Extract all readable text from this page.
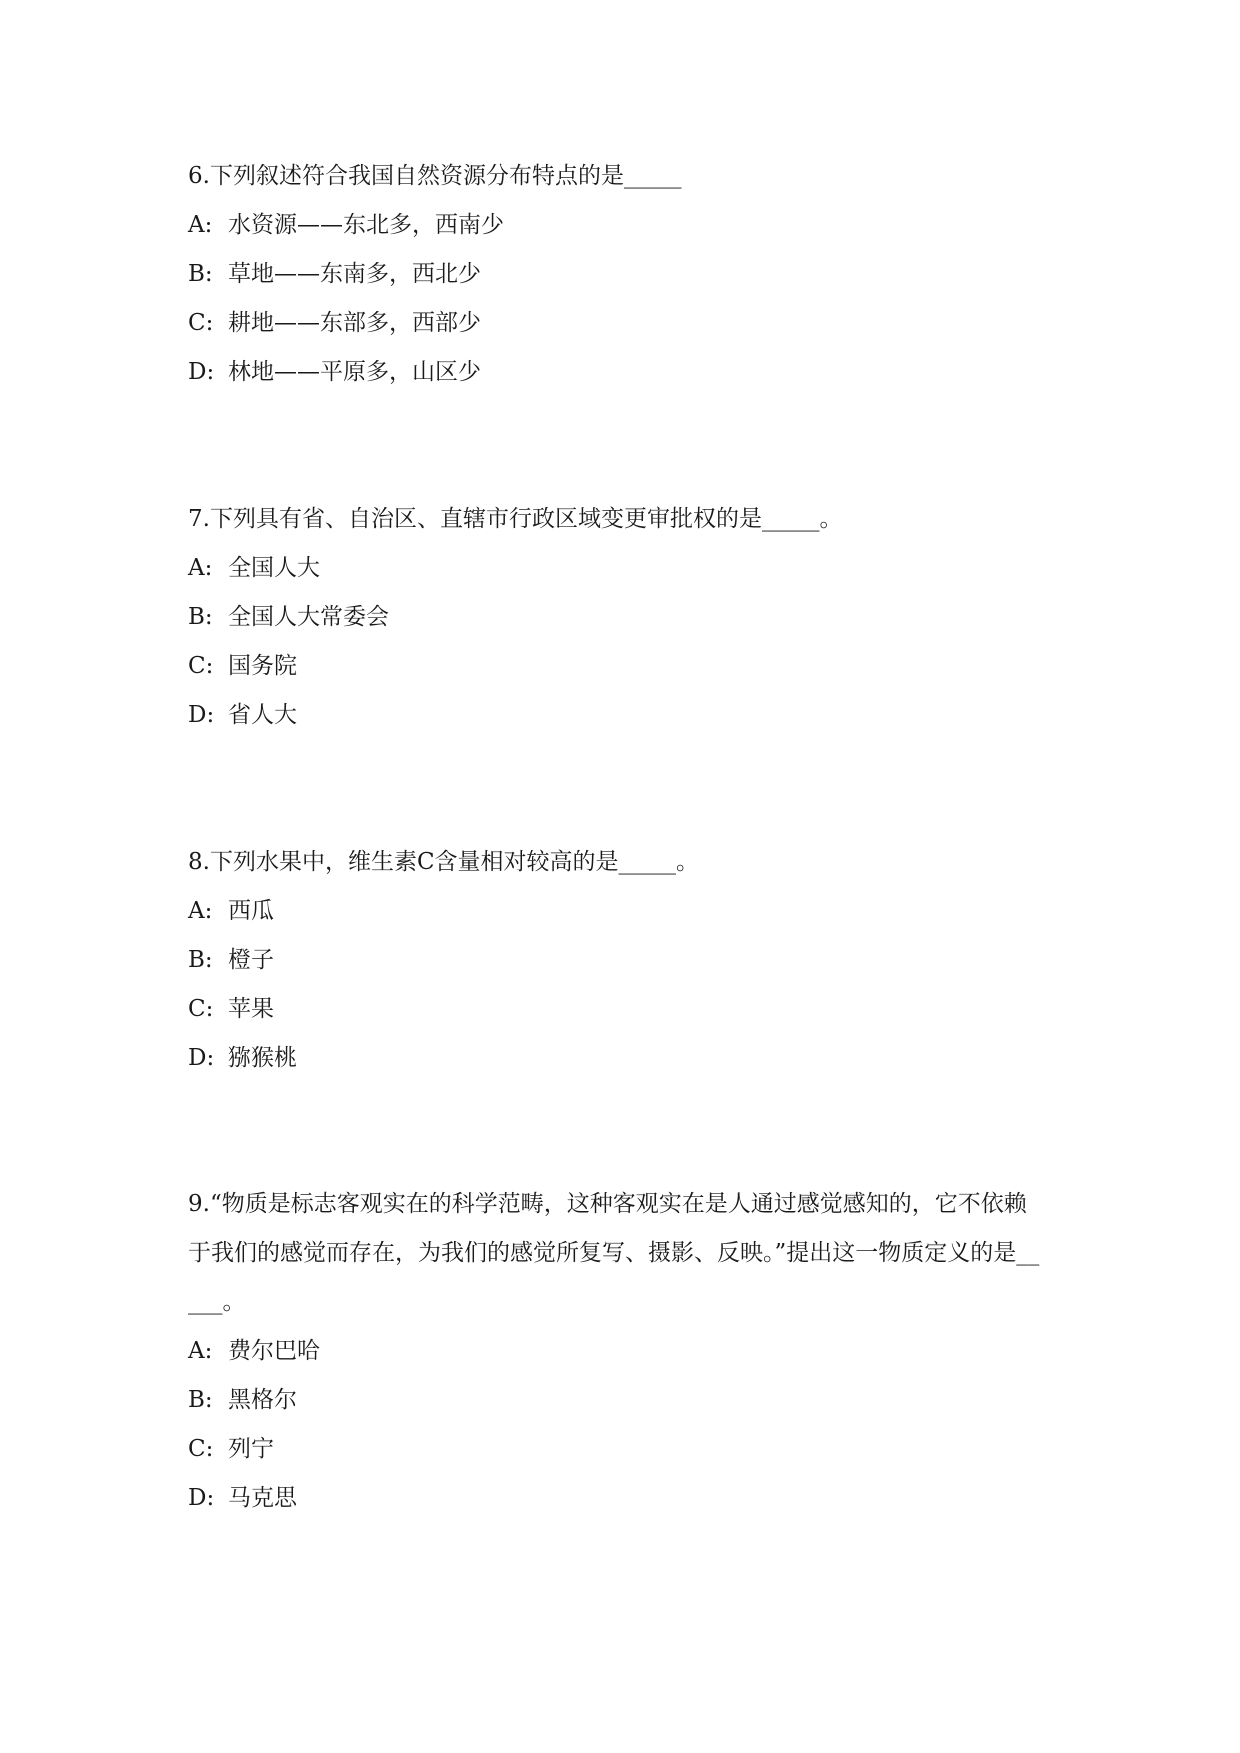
6.下列叙述符合我国自然资源分布特点的是_____

A: 水资源——东北多，西南少

B: 草地——东南多，西北少

C: 耕地——东部多，西部少

D: 林地——平原多，山区少

7.下列具有省、自治区、直辖市行政区域变更审批权的是_____。

A: 全国人大

B: 全国人大常委会

C: 国务院

D: 省人大

8.下列水果中，维生素C含量相对较高的是_____。

A: 西瓜

B: 橙子

C: 苹果

D: 猕猴桃

9.“物质是标志客观实在的科学范畴，这种客观实在是人通过感觉感知的，它不依赖于我们的感觉而存在，为我们的感觉所复写、摄影、反映。”提出这一物质定义的是_____。

A: 费尔巴哈

B: 黑格尔

C: 列宁

D: 马克思
